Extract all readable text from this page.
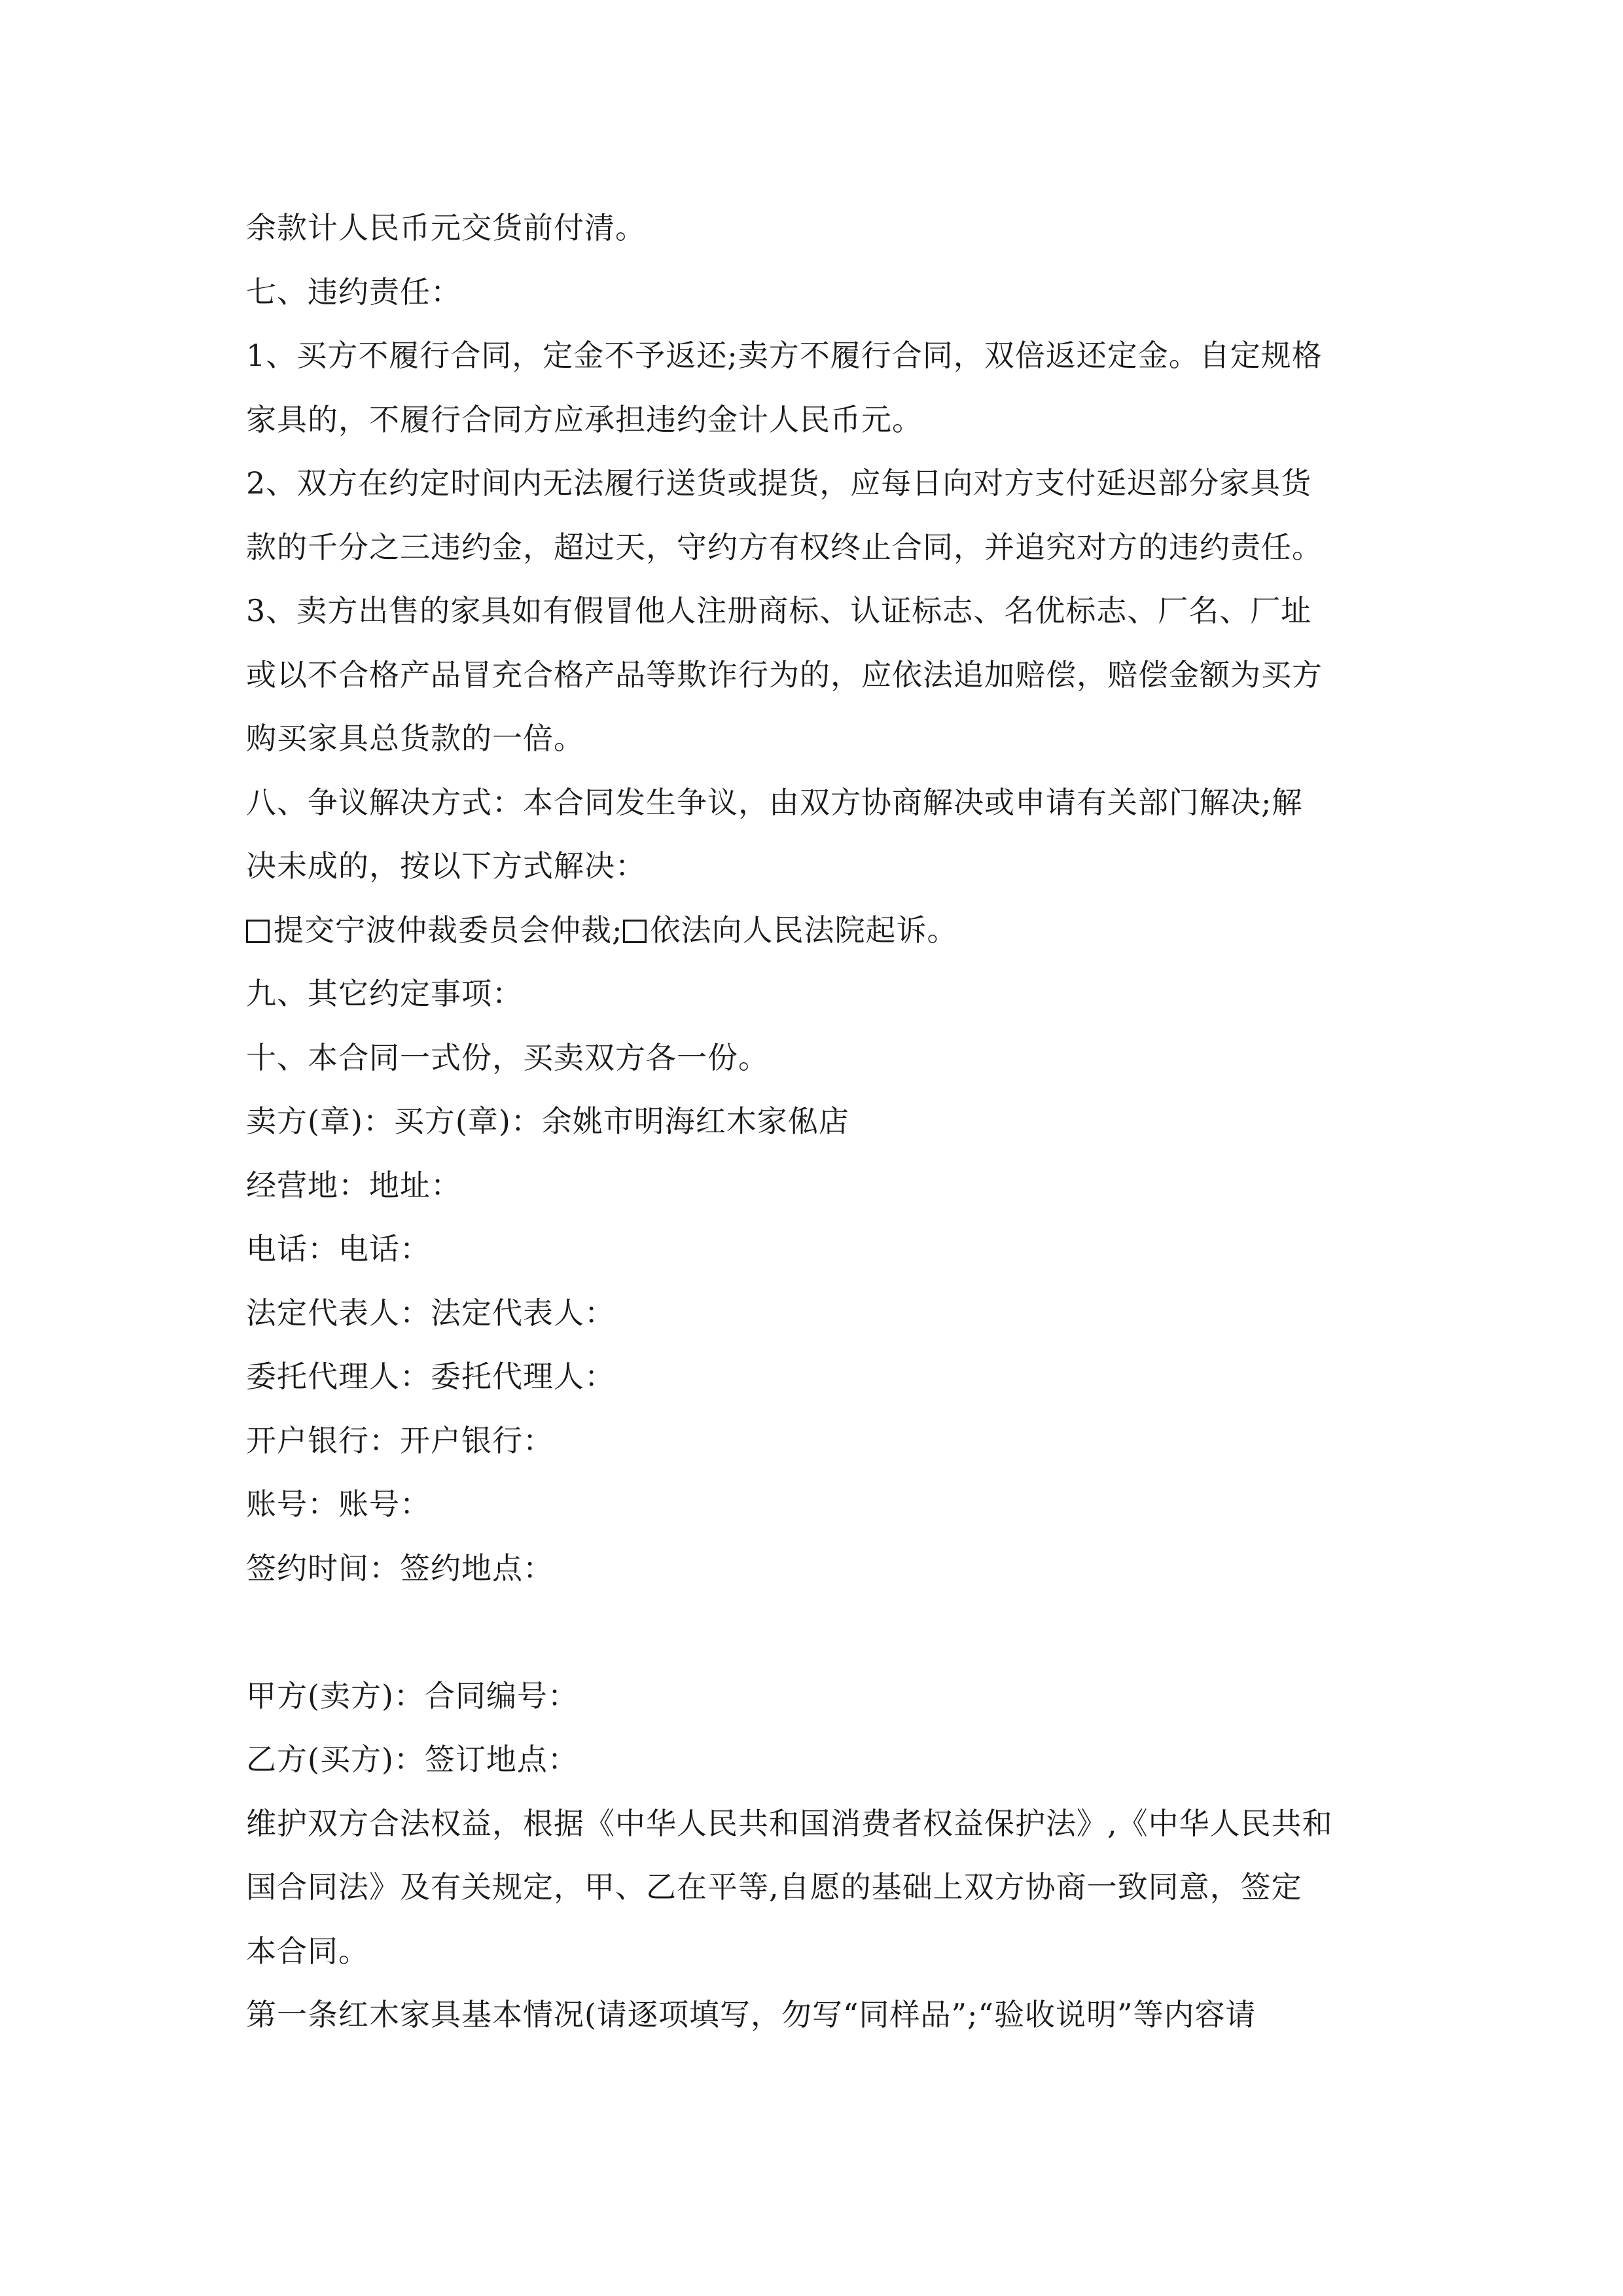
余款计人民币元交货前付清。
七、违约责任：
1、买方不履行合同，定金不予返还;卖方不履行合同，双倍返还定金。自定规格
家具的，不履行合同方应承担违约金计人民币元。
2、双方在约定时间内无法履行送货或提货，应每日向对方支付延迟部分家具货
款的千分之三违约金，超过天，守约方有权终止合同，并追究对方的违约责任。
3、卖方出售的家具如有假冒他人注册商标、认证标志、名优标志、厂名、厂址
或以不合格产品冒充合格产品等欺诈行为的，应依法追加赔偿，赔偿金额为买方
购买家具总货款的一倍。
八、争议解决方式：本合同发生争议，由双方协商解决或申请有关部门解决;解
决未成的，按以下方式解决：
提交宁波仲裁委员会仲裁; 依法向人民法院起诉。
九、其它约定事项：
十、本合同一式份，买卖双方各一份。
卖方(章)：买方(章)：余姚市明海红木家俬店
经营地：地址：
电话：电话：
法定代表人：法定代表人：
委托代理人：委托代理人：
开户银行：开户银行：
账号：账号：
签约时间：签约地点：
甲方(卖方)：合同编号：
乙方(买方)：签订地点：
维护双方合法权益，根据《中华人民共和国消费者权益保护法》,《中华人民共和
国合同法》及有关规定，甲、乙在平等,自愿的基础上双方协商一致同意，签定
本合同。
第一条红木家具基本情况(请逐项填写，勿写“同样品”;“验收说明”等内容请
